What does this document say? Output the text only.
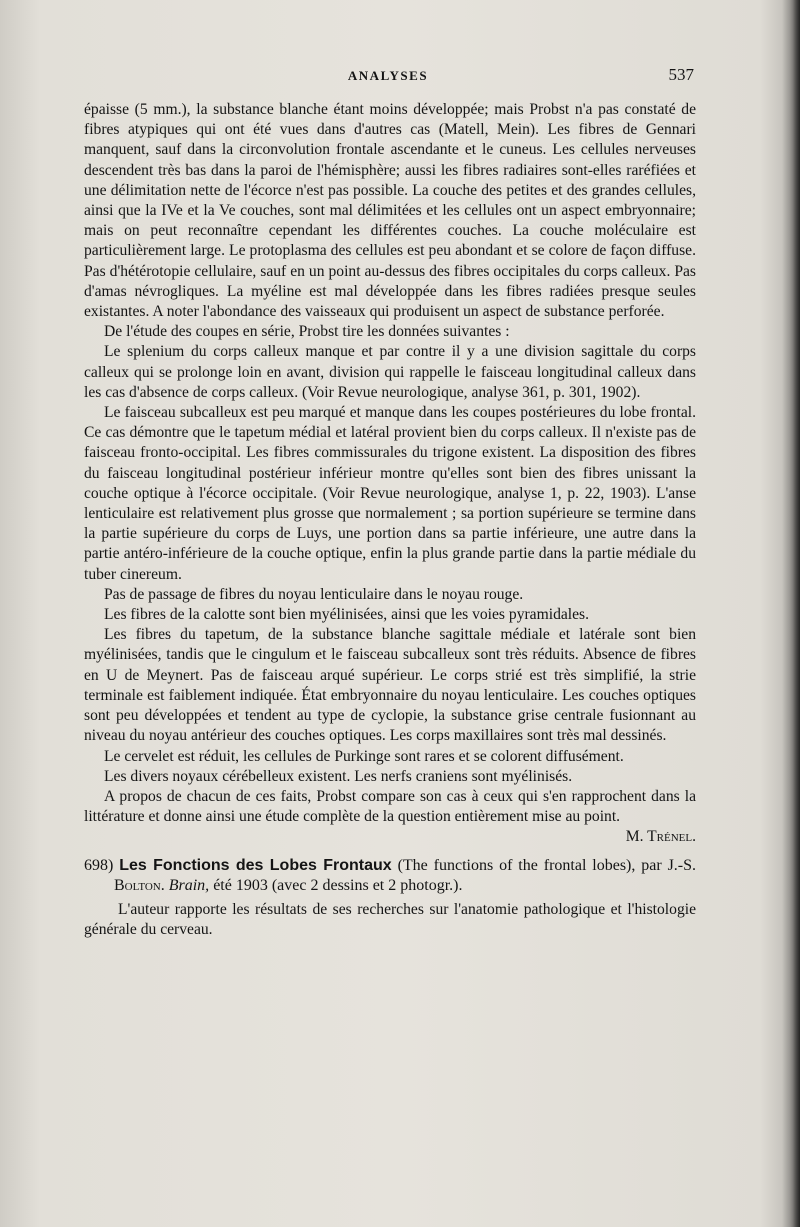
ANALYSES	537

épaisse (5 mm.), la substance blanche étant moins développée; mais Probst n'a pas constaté de fibres atypiques qui ont été vues dans d'autres cas (Matell, Mein). Les fibres de Gennari manquent, sauf dans la circonvolution frontale ascendante et le cuneus. Les cellules nerveuses descendent très bas dans la paroi de l'hémisphère; aussi les fibres radiaires sont-elles raréfiées et une délimitation nette de l'écorce n'est pas possible. La couche des petites et des grandes cellules, ainsi que la IVe et la Ve couches, sont mal délimitées et les cellules ont un aspect embryonnaire; mais on peut reconnaître cependant les différentes couches. La couche moléculaire est particulièrement large. Le protoplasma des cellules est peu abondant et se colore de façon diffuse. Pas d'hétérotopie cellulaire, sauf en un point au-dessus des fibres occipitales du corps calleux. Pas d'amas névrogliques. La myéline est mal développée dans les fibres radiées presque seules existantes. A noter l'abondance des vaisseaux qui produisent un aspect de substance perforée.

De l'étude des coupes en série, Probst tire les données suivantes :

Le splenium du corps calleux manque et par contre il y a une division sagittale du corps calleux qui se prolonge loin en avant, division qui rappelle le faisceau longitudinal calleux dans les cas d'absence de corps calleux. (Voir Revue neurologique, analyse 361, p. 301, 1902).

Le faisceau subcalleux est peu marqué et manque dans les coupes postérieures du lobe frontal. Ce cas démontre que le tapetum médial et latéral provient bien du corps calleux. Il n'existe pas de faisceau fronto-occipital. Les fibres commissurales du trigone existent. La disposition des fibres du faisceau longitudinal postérieur inférieur montre qu'elles sont bien des fibres unissant la couche optique à l'écorce occipitale. (Voir Revue neurologique, analyse 1, p. 22, 1903). L'anse lenticulaire est relativement plus grosse que normalement ; sa portion supérieure se termine dans la partie supérieure du corps de Luys, une portion dans sa partie inférieure, une autre dans la partie antéro-inférieure de la couche optique, enfin la plus grande partie dans la partie médiale du tuber cinereum.

Pas de passage de fibres du noyau lenticulaire dans le noyau rouge.

Les fibres de la calotte sont bien myélinisées, ainsi que les voies pyramidales.

Les fibres du tapetum, de la substance blanche sagittale médiale et latérale sont bien myélinisées, tandis que le cingulum et le faisceau subcalleux sont très réduits. Absence de fibres en U de Meynert. Pas de faisceau arqué supérieur. Le corps strié est très simplifié, la strie terminale est faiblement indiquée. État embryonnaire du noyau lenticulaire. Les couches optiques sont peu développées et tendent au type de cyclopie, la substance grise centrale fusionnant au niveau du noyau antérieur des couches optiques. Les corps maxillaires sont très mal dessinés.

Le cervelet est réduit, les cellules de Purkinge sont rares et se colorent diffusément.

Les divers noyaux cérébelleux existent. Les nerfs craniens sont myélinisés.

A propos de chacun de ces faits, Probst compare son cas à ceux qui s'en rapprochent dans la littérature et donne ainsi une étude complète de la question entièrement mise au point.
M. Trénel.

698) Les Fonctions des Lobes Frontaux (The functions of the frontal lobes), par J.-S. Bolton. Brain, été 1903 (avec 2 dessins et 2 photogr.).

L'auteur rapporte les résultats de ses recherches sur l'anatomie pathologique et l'histologie générale du cerveau.
